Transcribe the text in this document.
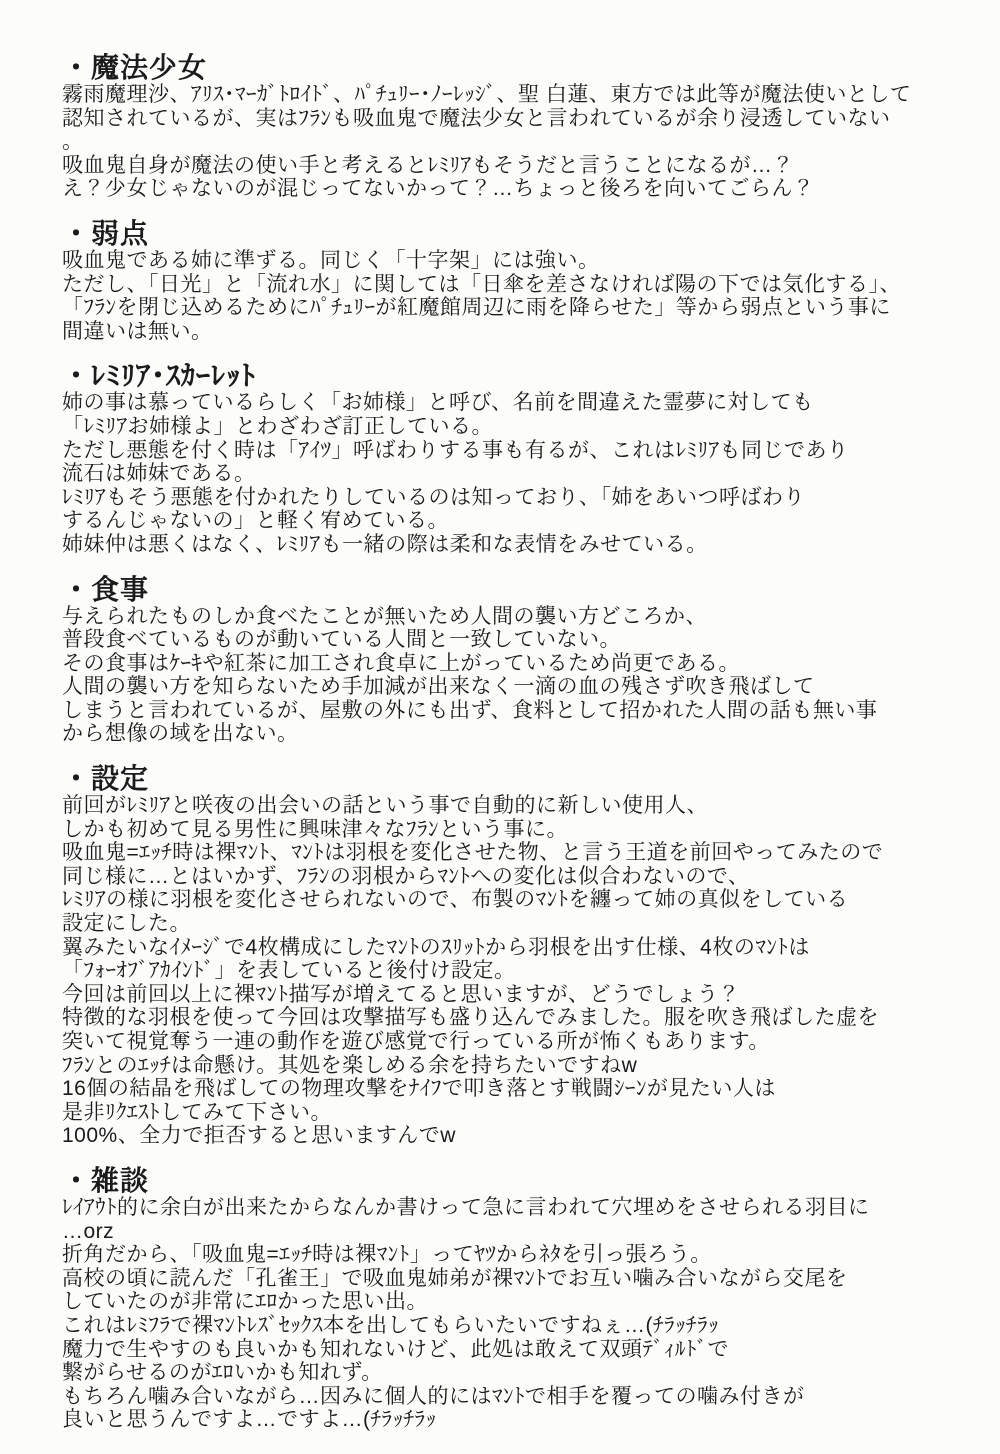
・魔法少女
霧雨魔理沙、ｱﾘｽ･ﾏｰｶﾞﾄﾛｲﾄﾞ、ﾊﾟﾁｭﾘｰ･ﾉｰﾚｯｼﾞ、聖 白蓮、東方では此等が魔法使いとして
認知されているが、実はﾌﾗﾝも吸血鬼で魔法少女と言われているが余り浸透していない
。
吸血鬼自身が魔法の使い手と考えるとﾚﾐﾘｱもそうだと言うことになるが…？
え？少女じゃないのが混じってないかって？…ちょっと後ろを向いてごらん？
・弱点
吸血鬼である姉に準ずる。同じく「十字架」には強い。
ただし、「日光」と「流れ水」に関しては「日傘を差さなければ陽の下では気化する」、
「ﾌﾗﾝを閉じ込めるためにﾊﾟﾁｭﾘｰが紅魔館周辺に雨を降らせた」等から弱点という事に
間違いは無い。
・ﾚﾐﾘｱ･ｽｶｰﾚｯﾄ
姉の事は慕っているらしく「お姉様」と呼び、名前を間違えた霊夢に対しても
「ﾚﾐﾘｱお姉様よ」とわざわざ訂正している。
ただし悪態を付く時は「ｱｲﾂ」呼ばわりする事も有るが、これはﾚﾐﾘｱも同じであり
流石は姉妹である。
ﾚﾐﾘｱもそう悪態を付かれたりしているのは知っており、「姉をあいつ呼ばわり
するんじゃないの」と軽く宥めている。
姉妹仲は悪くはなく、ﾚﾐﾘｱも一緒の際は柔和な表情をみせている。
・食事
与えられたものしか食べたことが無いため人間の襲い方どころか、
普段食べているものが動いている人間と一致していない。
その食事はｹｰｷや紅茶に加工され食卓に上がっているため尚更である。
人間の襲い方を知らないため手加減が出来なく一滴の血の残さず吹き飛ばして
しまうと言われているが、屋敷の外にも出ず、食料として招かれた人間の話も無い事
から想像の域を出ない。
・設定
前回がﾚﾐﾘｱと咲夜の出会いの話という事で自動的に新しい使用人、
しかも初めて見る男性に興味津々なﾌﾗﾝという事に。
吸血鬼=ｴｯﾁ時は裸ﾏﾝﾄ、ﾏﾝﾄは羽根を変化させた物、と言う王道を前回やってみたので
同じ様に…とはいかず、ﾌﾗﾝの羽根からﾏﾝﾄへの変化は似合わないので、
ﾚﾐﾘｱの様に羽根を変化させられないので、布製のﾏﾝﾄを纏って姉の真似をしている
設定にした。
翼みたいなｲﾒｰｼﾞで4枚構成にしたﾏﾝﾄのｽﾘｯﾄから羽根を出す仕様、4枚のﾏﾝﾄは
「ﾌｫｰｵﾌﾞｱｶｲﾝﾄﾞ」を表していると後付け設定。
今回は前回以上に裸ﾏﾝﾄ描写が増えてると思いますが、どうでしょう？
特徴的な羽根を使って今回は攻撃描写も盛り込んでみました。服を吹き飛ばした虚を
突いて視覚奪う一連の動作を遊び感覚で行っている所が怖くもあります。
ﾌﾗﾝとのｴｯﾁは命懸け。其処を楽しめる余を持ちたいですねw
16個の結晶を飛ばしての物理攻撃をﾅｲﾌで叩き落とす戦闘ｼｰﾝが見たい人は
是非ﾘｸｴｽﾄしてみて下さい。
100%、全力で拒否すると思いますんでw
・雑談
ﾚｲｱｳﾄ的に余白が出来たからなんか書けって急に言われて穴埋めをさせられる羽目に
…orz
折角だから、「吸血鬼=ｴｯﾁ時は裸ﾏﾝﾄ」ってﾔﾂからﾈﾀを引っ張ろう。
高校の頃に読んだ「孔雀王」で吸血鬼姉弟が裸ﾏﾝﾄでお互い噛み合いながら交尾を
していたのが非常にｴﾛかった思い出。
これはﾚﾐﾌﾗで裸ﾏﾝﾄﾚｽﾞｾｯｸｽ本を出してもらいたいですねぇ…(ﾁﾗｯﾁﾗｯ
魔力で生やすのも良いかも知れないけど、此処は敢えて双頭ﾃﾞｨﾙﾄﾞで
繋がらせるのがｴﾛいかも知れず。
もちろん噛み合いながら…因みに個人的にはﾏﾝﾄで相手を覆っての噛み付きが
良いと思うんですよ…ですよ…(ﾁﾗｯﾁﾗｯ
